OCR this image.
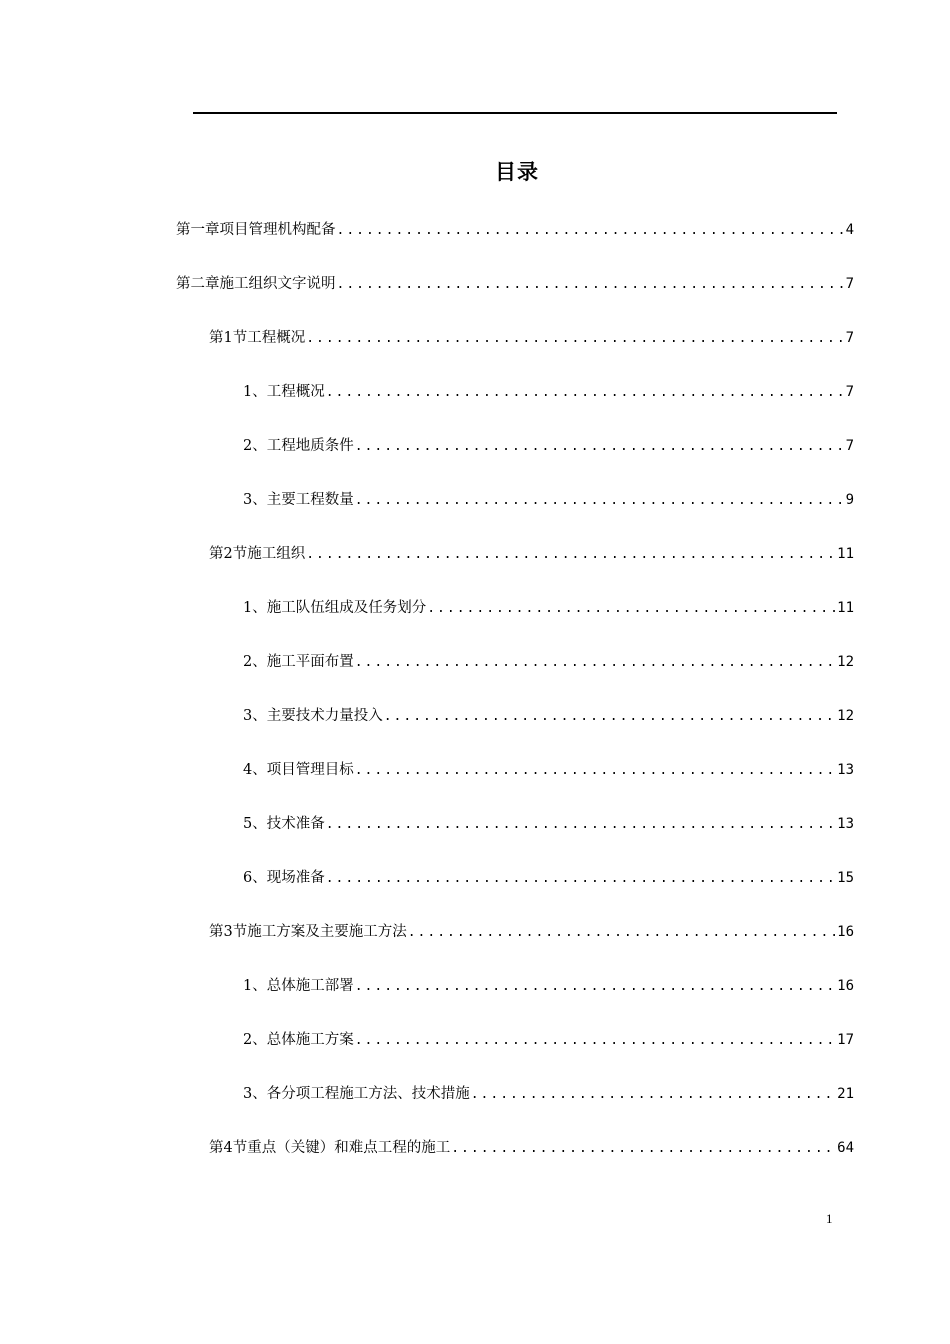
目录
第一章 项目管理机构配备 .....	4
第二章 施工组织文字说明 .....	7
第1节 工程概况 .....	7
1、 工程概况 .....	7
2、 工程地质条件 .....	7
3、 主要工程数量 .....	9
第2节 施工组织 .....	11
1、 施工队伍组成及任务划分 .....	11
2、 施工平面布置 .....	12
3、 主要技术力量投入 .....	12
4、 项目管理目标 .....	13
5、 技术准备 .....	13
6、 现场准备 .....	15
第3节 施工方案及主要施工方法 .....	16
1、 总体施工部署 .....	16
2、 总体施工方案 .....	17
3、 各分项工程施工方法、技术措施 .....	21
第4节 重点（关键）和难点工程的施工 .....	64
1
